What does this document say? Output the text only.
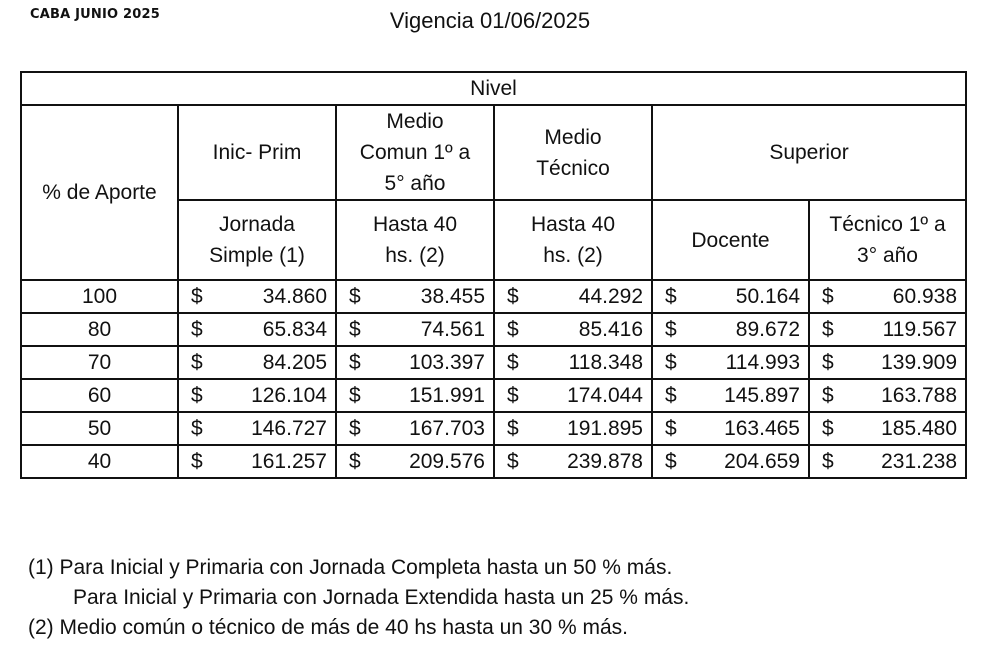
CABA JUNIO 2025	Vigencia 01/06/2025
Nivel					
% de Aporte	Inic- Prim	Medio Comun 1º a 5° año	Medio Técnico	Superior	
	Jornada Simple (1)	Hasta 40 hs. (2)	Hasta 40 hs. (2)	Docente	Técnico 1º a 3° año
100	$ 34.860	$ 38.455	$ 44.292	$ 50.164	$ 60.938

80	$ 65.834	$ 74.561	$ 85.416	$ 89.672	$ 119.567

70	$ 84.205	$ 103.397	$ 118.348	$ 114.993	$ 139.909

60	$ 126.104	$ 151.991	$ 174.044	$ 145.897	$ 163.788

50	$ 146.727	$ 167.703	$ 191.895	$ 163.465	$ 185.480

40	$ 161.257	$ 209.576	$ 239.878	$ 204.659	$ 231.238
(1) Para Inicial y Primaria con Jornada Completa hasta un 50 % más.
Para Inicial y Primaria con Jornada Extendida hasta un 25 % más.
(2) Medio común o técnico de más de 40 hs hasta un 30 % más.
